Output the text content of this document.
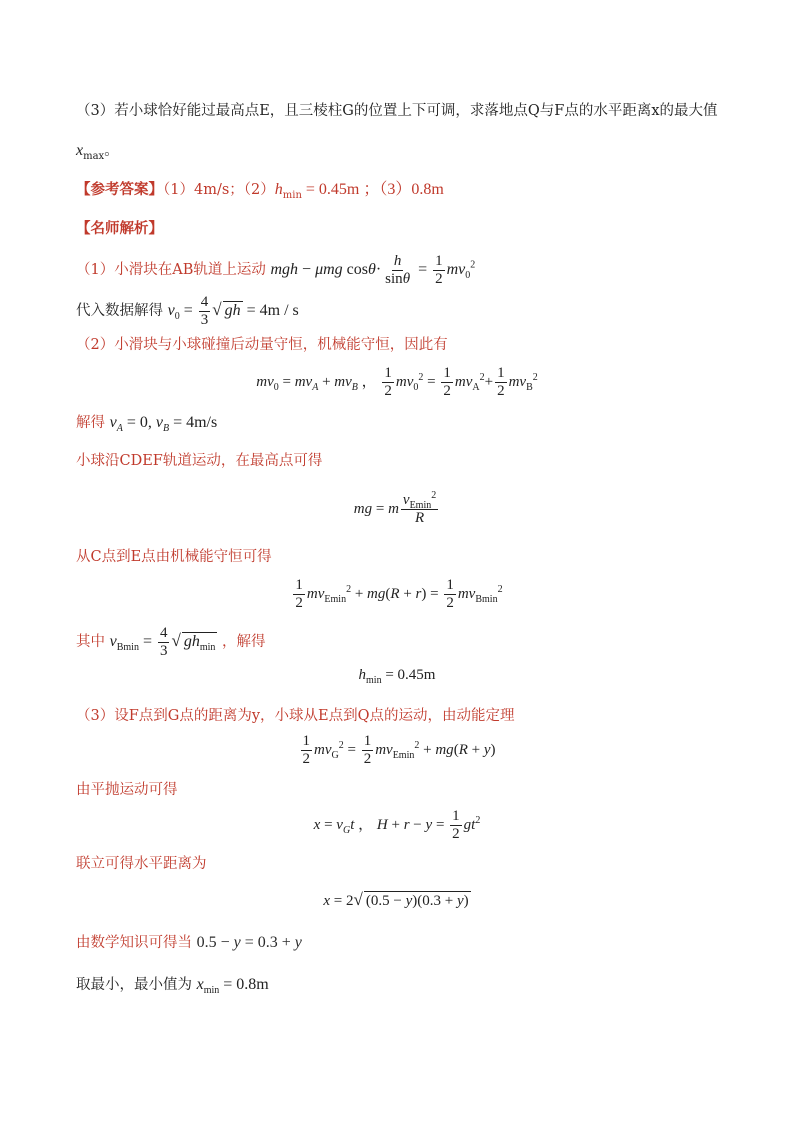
（3）若小球恰好能过最高点E，且三棱柱G的位置上下可调，求落地点Q与F点的水平距离x的最大值
$x_{max}$。
【参考答案】（1）4m/s；$(2)h_{min} = 0.45m$ ；（3）0.8m
【名师解析】
（1）小滑块在AB轨道上运动 mgh − μmg $\cos\theta\cdot \frac{h}{\sin\theta} = \frac{1}{2} mv_0^2$
代入数据解得 $v_0 = \frac{4}{3}$ √ gh = 4m / s
（2）小滑块与小球碰撞后动量守恒，机械能守恒，因此有
$mv_0 = mv_A + mv_B$ ， $\frac{1}{2} mv_0^2 = \frac{1}{2} mv_A^2+ \frac{1}{2} mv_B^2$
解得 $v_A = 0$, $v_B = 4m/s$
小球沿CDEF轨道运动，在最高点可得
mg = m $\frac{v_{Emin}^2}{R}$
从C点到E点由机械能守恒可得
$\frac{1}{2} mv_{Emin}^2 + mg(R + r) = \frac{1}{2} mv_{Bmin}^2$
其中 $v_{Bmin} = \frac{4}{3}$ √ $gh_{min}$ ，解得
$h_{min} = 0.45m$
（3）设F点到G点的距离为y，小球从E点到Q点的运动，由动能定理
$\frac{1}{2} mv_G^2 = \frac{1}{2} mv_{Emin}^2 + mg(R + y)$
由平抛运动可得
$x = v_Gt$ ， $H + r - y = \frac{1}{2} gt^2$
联立可得水平距离为
x = 2√ (0.5 − y)(0.3 + y)
由数学知识可得当 0.5 − y = 0.3 + y
取最小，最小值为 $x_{min} = 0.8m$
